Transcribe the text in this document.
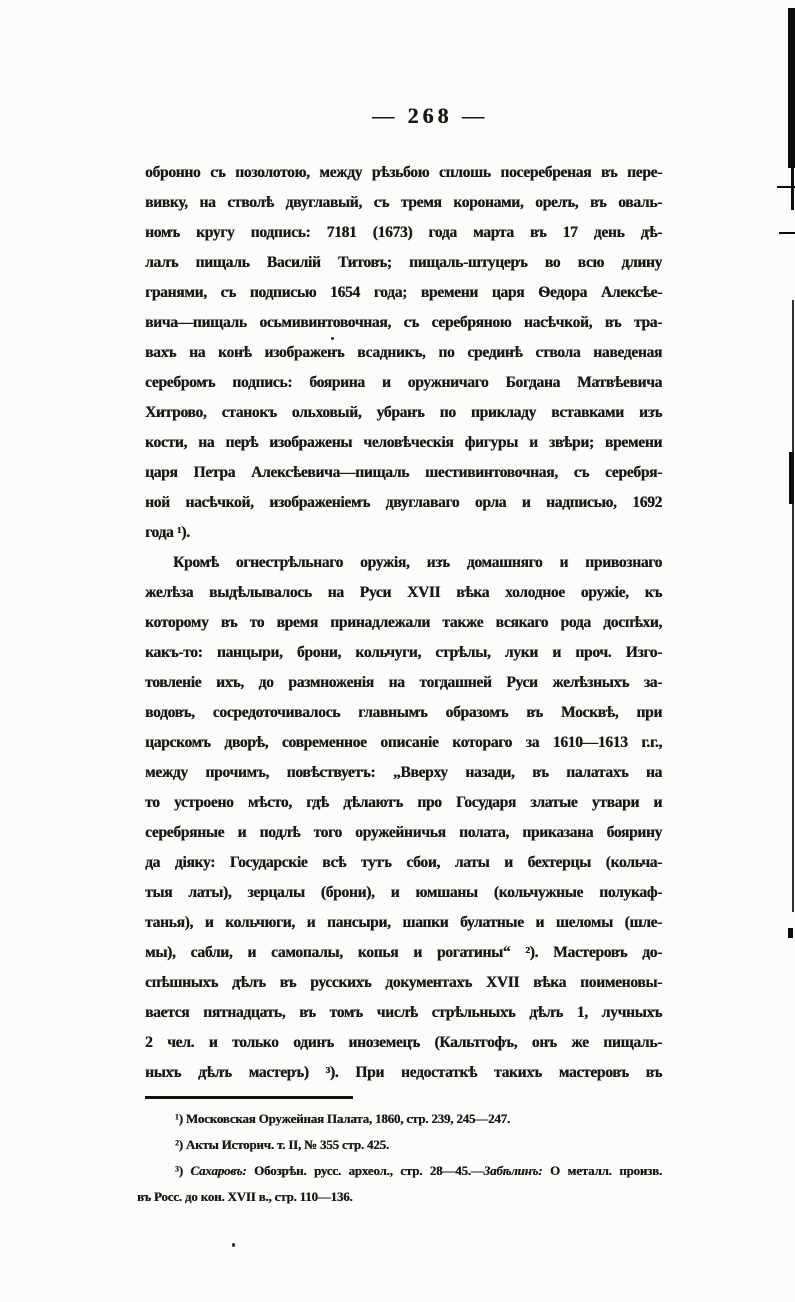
— 268 —
обронно съ позолотою, между рѣзьбою сплошь посеребреная въ пере-
вивку, на стволѣ двуглавый, съ тремя коронами, орелъ, въ оваль-
номъ кругу подпись: 7181 (1673) года марта въ 17 день дѣ-
лалъ пищаль Василій Титовъ; пищаль-штуцеръ во всю длину
гранями, съ подписью 1654 года; времени царя Ѳедора Алексѣе-
вича—пищаль осьмивинтовочная, съ серебряною насѣчкой, въ тра-
вахъ на конѣ изображенъ всадникъ, по срединѣ ствола наведеная
серебромъ подпись: боярина и оружничаго Богдана Матвѣевича
Хитрово, станокъ ольховый, убранъ по прикладу вставками изъ
кости, на перѣ изображены человѣческія фигуры и звѣри; времени
царя Петра Алексѣевича—пищаль шестивинтовочная, съ серебря-
ной насѣчкой, изображеніемъ двуглаваго орла и надписью, 1692
года ¹).
Кромѣ огнестрѣльнаго оружія, изъ домашняго и привознаго
желѣза выдѣлывалось на Руси XVII вѣка холодное оружіе, къ
которому въ то время принадлежали также всякаго рода доспѣхи,
какъ-то: панцыри, брони, кольчуги, стрѣлы, луки и проч. Изго-
товленіе ихъ, до размноженія на тогдашней Руси желѣзныхъ за-
водовъ, сосредоточивалось главнымъ образомъ въ Москвѣ, при
царскомъ дворѣ, современное описаніе котораго за 1610—1613 г.г.,
между прочимъ, повѣствуетъ: „Вверху назади, въ палатахъ на
то устроено мѣсто, гдѣ дѣлаютъ про Государя златые утвари и
серебряные и подлѣ того оружейничья полата, приказана боярину
да діяку: Государскіе всѣ тутъ сбои, латы и бехтерцы (кольча-
тыя латы), зерцалы (брони), и юмшаны (кольчужные полукаф-
танья), и кольчюги, и пансыри, шапки булатные и шеломы (шле-
мы), сабли, и самопалы, копья и рогатины“ ²). Мастеровъ до-
спѣшныхъ дѣлъ въ русскихъ документахъ XVII вѣка поименовы-
вается пятнадцать, въ томъ числѣ стрѣльныхъ дѣлъ 1, лучныхъ
2 чел. и только одинъ иноземецъ (Кальтгофъ, онъ же пищаль-
ныхъ дѣлъ мастеръ) ³). При недостаткѣ такихъ мастеровъ въ
¹) Московская Оружейная Палата, 1860, стр. 239, 245—247.
²) Акты Историч. т. II, № 355 стр. 425.
³) Сахаровъ: Обозрѣн. русс. археол., стр. 28—45.—Забѣлинъ: О металл. произв.
въ Росс. до кон. XVII в., стр. 110—136.
